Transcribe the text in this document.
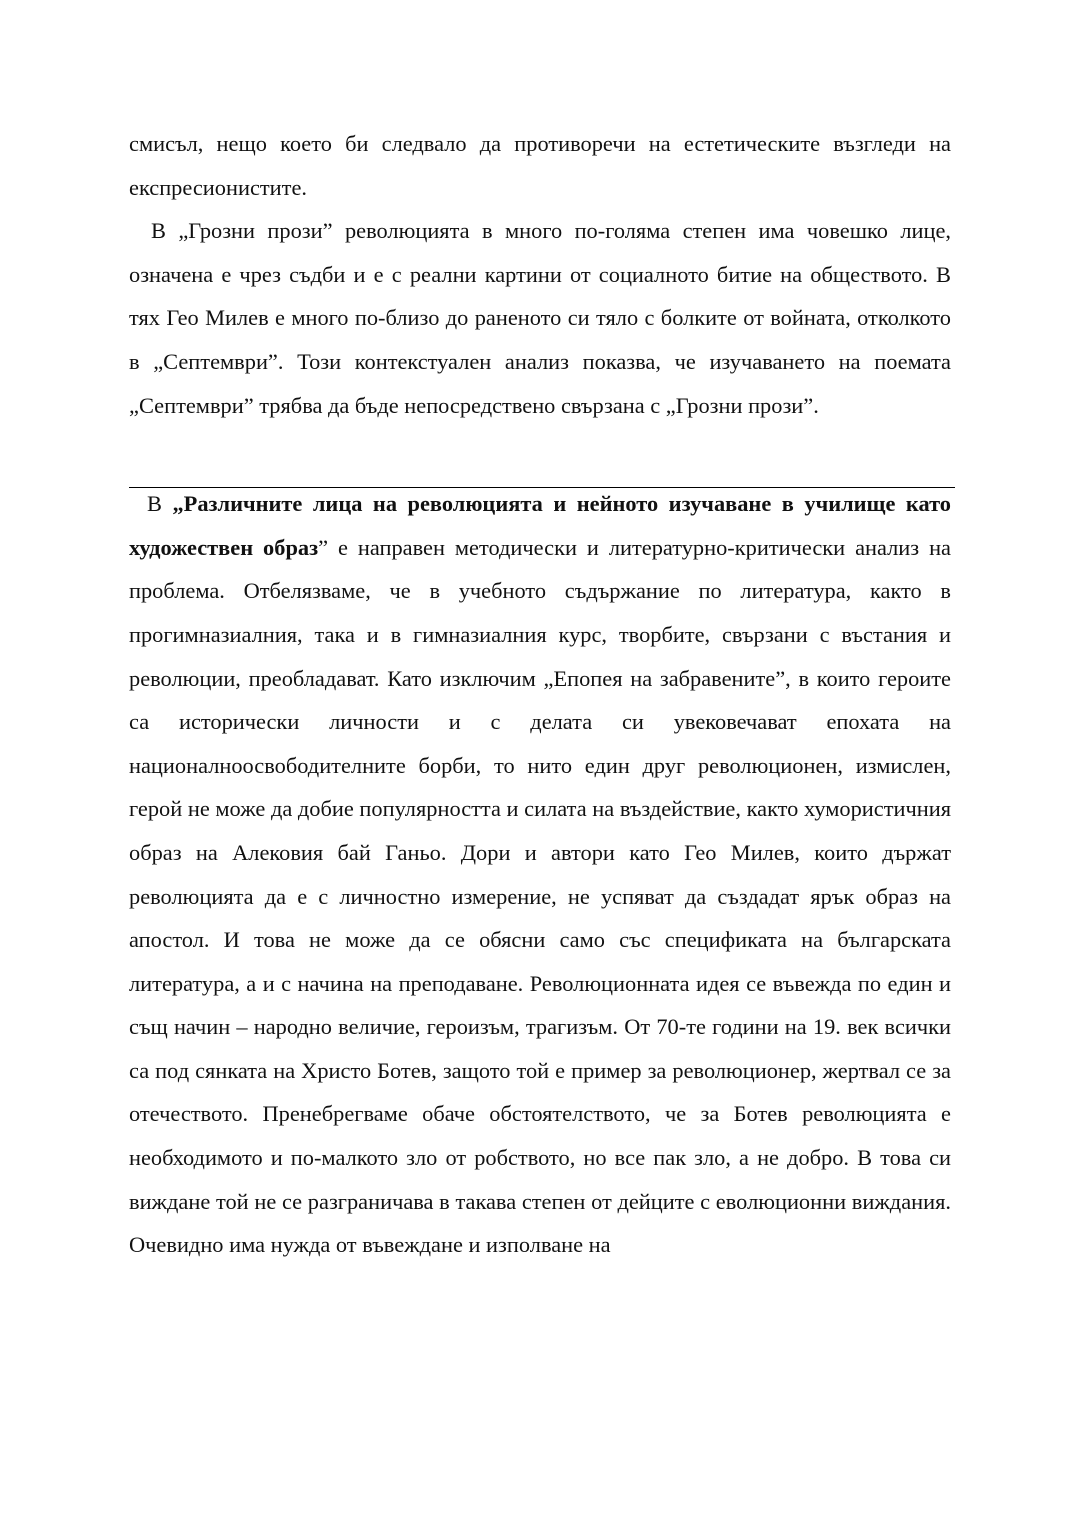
смисъл, нещо което би следвало да противоречи на естетическите възгледи на експресионистите.

В „Грозни прози” революцията в много по-голяма степен има човешко лице, означена е чрез съдби и е с реални картини от социалното битие на обществото. В тях Гео Милев е много по-близо до раненото си тяло с болките от войната, отколкото в „Септември”. Този контекстуален анализ показва, че изучаването на поемата „Септември” трябва да бъде непосредствено свързана с „Грозни прози”.

В „Различните лица на революцията и нейното изучаване в училище като художествен образ” е направен методически и литературно-критически анализ на проблема. Отбелязваме, че в учебното съдържание по литература, както в прогимназиалния, така и в гимназиалния курс, творбите, свързани с въстания и революции, преобладават. Като изключим „Епопея на забравените”, в които героите са исторически личности и с делата си увековечават епохата на националноосвободителните борби, то нито един друг революционен, измислен, герой не може да добие популярността и силата на въздействие, както хумористичния образ на Алековия бай Ганьо. Дори и автори като Гео Милев, които държат революцията да е с личностно измерение, не успяват да създадат ярък образ на апостол. И това не може да се обясни само със спецификата на българската литература, а и с начина на преподаване. Революционната идея се въвежда по един и същ начин – народно величие, героизъм, трагизъм. От 70-те години на 19. век всички са под сянката на Христо Ботев, защото той е пример за революционер, жертвал се за отечеството. Пренебрегваме обаче обстоятелството, че за Ботев революцията е необходимото и по-малкото зло от робството, но все пак зло, а не добро. В това си виждане той не се разграничава в такава степен от дейците с еволюционни виждания. Очевидно има нужда от въвеждане и изполване на
